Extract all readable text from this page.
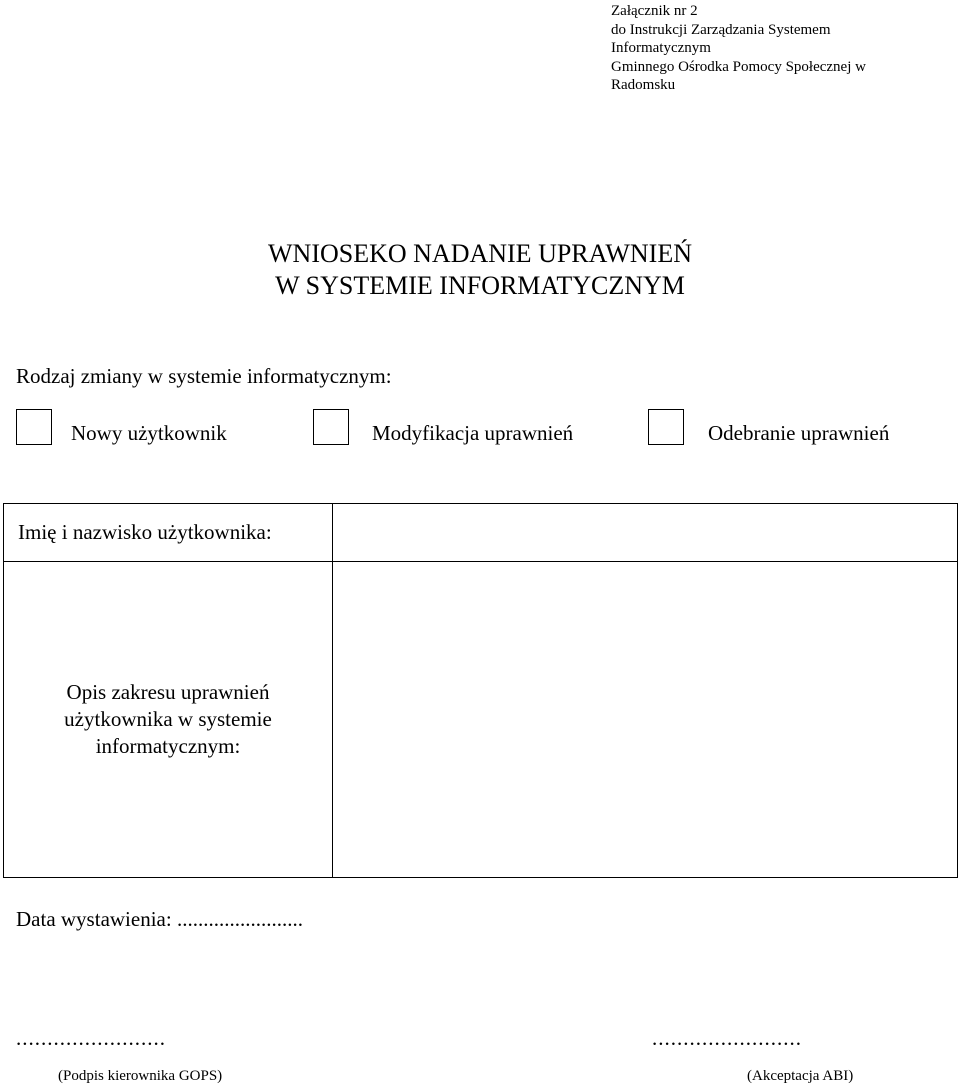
Załącznik nr 2
do Instrukcji Zarządzania Systemem
Informatycznym
Gminnego Ośrodka Pomocy Społecznej w
Radomsku
WNIOSEKO NADANIE UPRAWNIEŃ
W SYSTEMIE INFORMATYCZNYM
Rodzaj zmiany w systemie informatycznym:
Nowy użytkownik	Modyfikacja uprawnień	Odebranie uprawnień
Imię i nazwisko użytkownika:	

Opis zakresu uprawnień
użytkownika w systemie
informatycznym:	

Data wystawienia: ........................
........................	........................
(Podpis kierownika GOPS)	(Akceptacja ABI)
